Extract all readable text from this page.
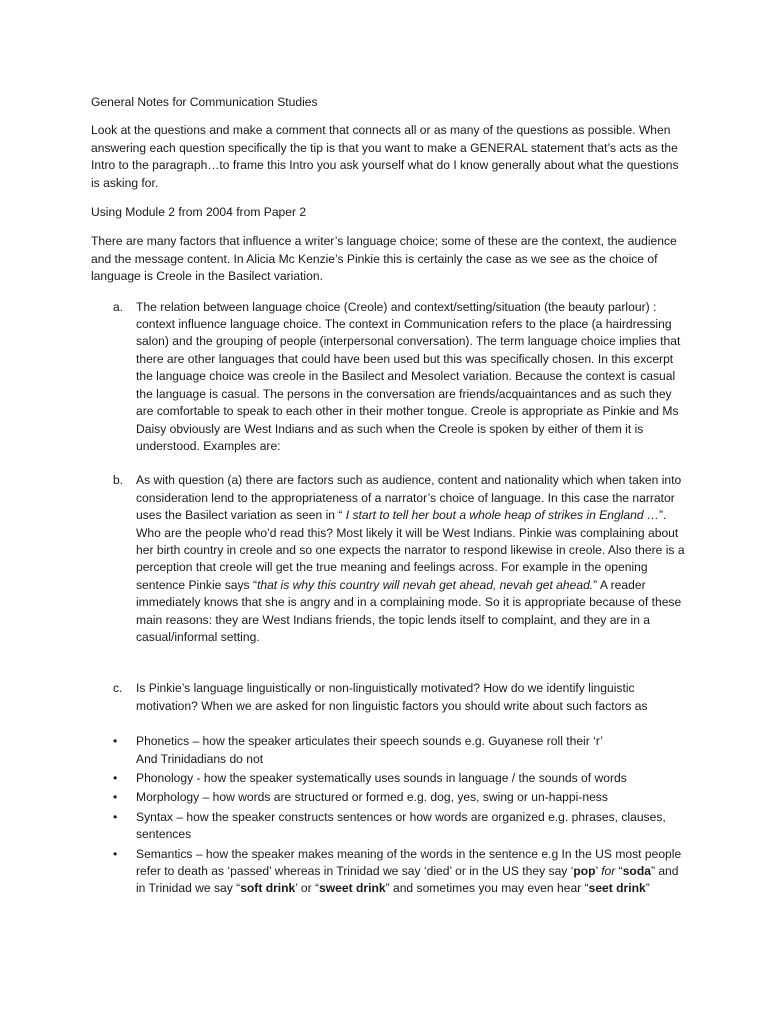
General Notes for Communication Studies

Look at the questions and make a comment that connects all or as many of the questions as possible. When answering each question specifically the tip is that you want to make a GENERAL statement that’s acts as the Intro to the paragraph…to frame this Intro you ask yourself what do I know generally about what the questions is asking for.

Using Module 2 from 2004 from Paper 2

There are many factors that influence a writer’s language choice; some of these are the context, the audience and the message content. In Alicia Mc Kenzie’s Pinkie this is certainly the case as we see as the choice of language is Creole in the Basilect variation.

a. The relation between language choice (Creole) and context/setting/situation (the beauty parlour) : context influence language choice. The context in Communication refers to the place (a hairdressing salon) and the grouping of people (interpersonal conversation). The term language choice implies that there are other languages that could have been used but this was specifically chosen. In this excerpt the language choice was creole in the Basilect and Mesolect variation. Because the context is casual the language is casual. The persons in the conversation are friends/acquaintances and as such they are comfortable to speak to each other in their mother tongue. Creole is appropriate as Pinkie and Ms Daisy obviously are West Indians and as such when the Creole is spoken by either of them it is understood. Examples are:
b. As with question (a) there are factors such as audience, content and nationality which when taken into consideration lend to the appropriateness of a narrator’s choice of language. In this case the narrator uses the Basilect variation as seen in “ I start to tell her bout a whole heap of strikes in England …”. Who are the people who’d read this? Most likely it will be West Indians. Pinkie was complaining about her birth country in creole and so one expects the narrator to respond likewise in creole. Also there is a perception that creole will get the true meaning and feelings across. For example in the opening sentence Pinkie says “that is why this country will nevah get ahead, nevah get ahead.” A reader immediately knows that she is angry and in a complaining mode. So it is appropriate because of these main reasons: they are West Indians friends, the topic lends itself to complaint, and they are in a casual/informal setting.
c. Is Pinkie’s language linguistically or non-linguistically motivated? How do we identify linguistic motivation? When we are asked for non linguistic factors you should write about such factors as
• Phonetics – how the speaker articulates their speech sounds e.g. Guyanese roll their ‘r’
And Trinidadians do not
• Phonology - how the speaker systematically uses sounds in language / the sounds of words
• Morphology – how words are structured or formed e.g. dog, yes, swing or un-happi-ness
• Syntax – how the speaker constructs sentences or how words are organized e.g. phrases, clauses, sentences
• Semantics – how the speaker makes meaning of the words in the sentence e.g In the US most people refer to death as ‘passed’ whereas in Trinidad we say ‘died’ or in the US they say ‘pop’ for “soda” and in Trinidad we say “soft drink’ or “sweet drink” and sometimes you may even hear “seet drink”
